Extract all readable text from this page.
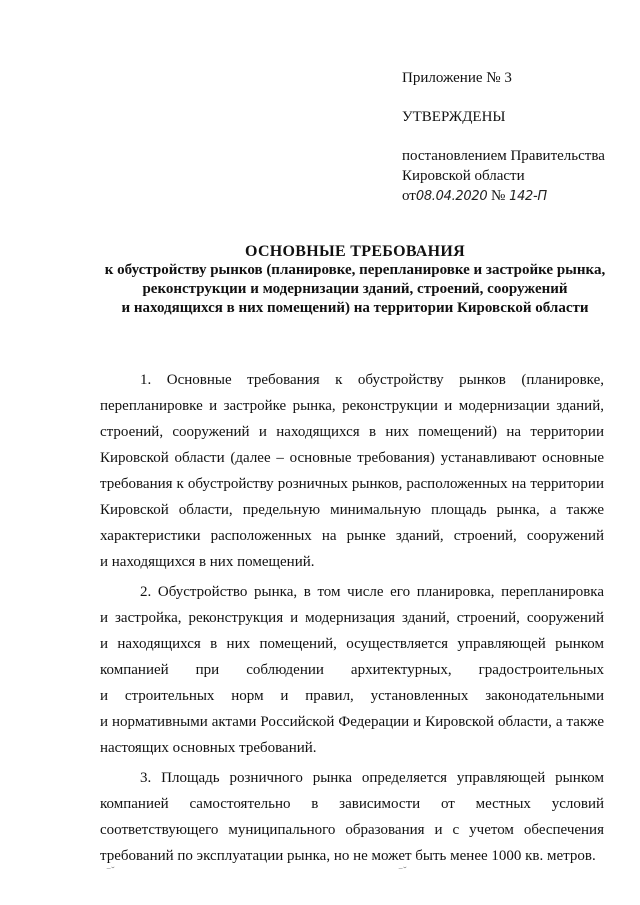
Приложение № 3
УТВЕРЖДЕНЫ
постановлением Правительства
Кировской области
от08.04.2020 № 142-П
ОСНОВНЫЕ ТРЕБОВАНИЯ
к обустройству рынков (планировке, перепланировке и застройке рынка,
реконструкции и модернизации зданий, строений, сооружений
и находящихся в них помещений) на территории Кировской области
1. Основные требования к обустройству рынков (планировке,
перепланировке и застройке рынка, реконструкции и модернизации зданий,
строений, сооружений и находящихся в них помещений) на территории
Кировской области (далее – основные требования) устанавливают основные
требования к обустройству розничных рынков, расположенных на территории
Кировской области, предельную минимальную площадь рынка, а также
характеристики расположенных на рынке зданий, строений, сооружений
и находящихся в них помещений.
2. Обустройство рынка, в том числе его планировка, перепланировка
и застройка, реконструкция и модернизация зданий, строений, сооружений
и находящихся в них помещений, осуществляется управляющей рынком
компанией при соблюдении архитектурных, градостроительных
и строительных норм и правил, установленных законодательными
и нормативными актами Российской Федерации и Кировской области, а также
настоящих основных требований.
3. Площадь розничного рынка определяется управляющей рынком
компанией самостоятельно в зависимости от местных условий
соответствующего муниципального образования и с учетом обеспечения
требований по эксплуатации рынка, но не может быть менее 1000 кв. метров.
⁻˘	⁻˘
